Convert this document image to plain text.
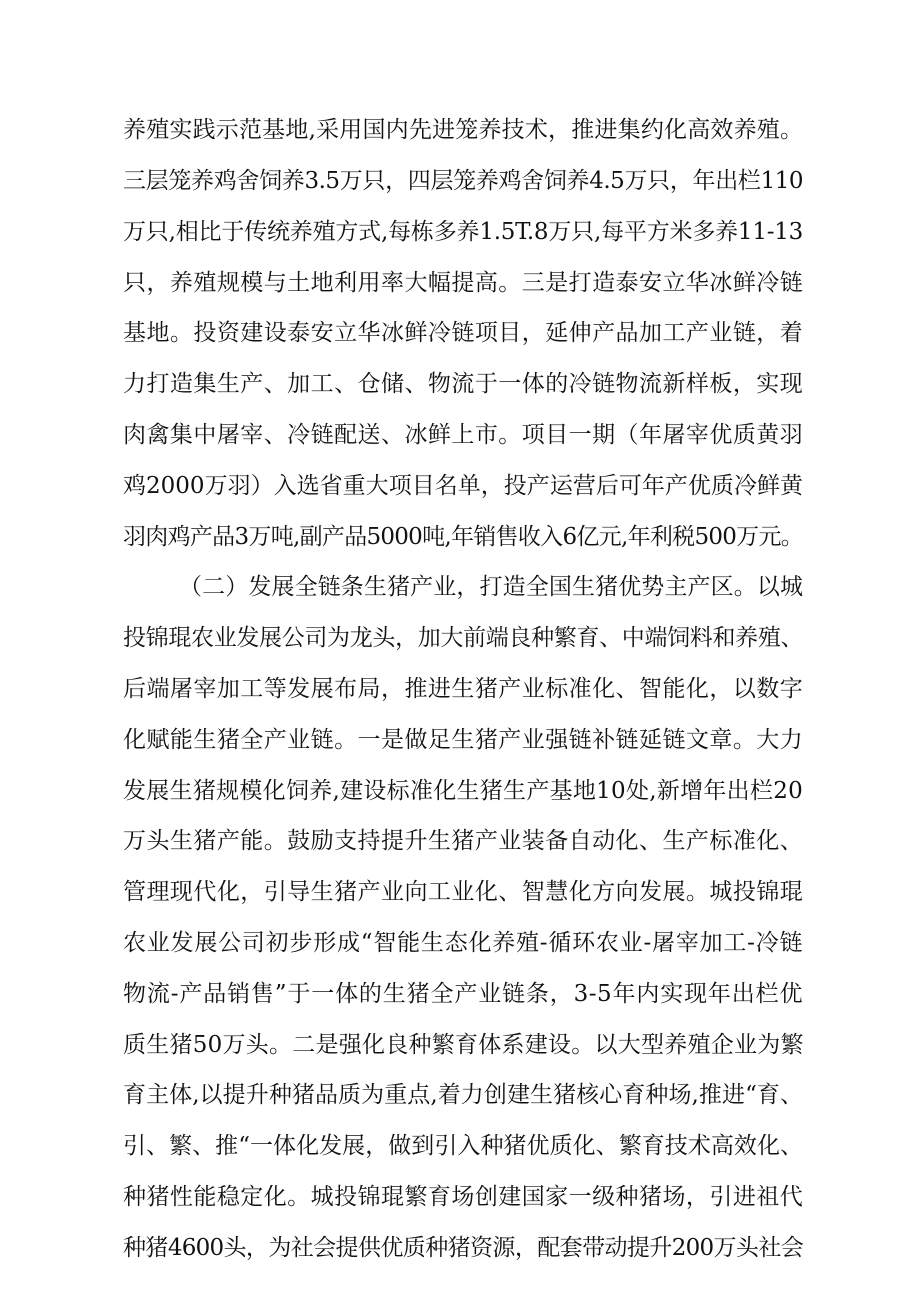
养殖实践示范基地,采用国内先进笼养技术，推进集约化高效养殖。
三层笼养鸡舍饲养3.5万只，四层笼养鸡舍饲养4.5万只，年出栏110
万只,相比于传统养殖方式,每栋多养1.5T.8万只,每平方米多养11-13
只，养殖规模与土地利用率大幅提高。三是打造泰安立华冰鲜冷链
基地。投资建设泰安立华冰鲜冷链项目，延伸产品加工产业链，着
力打造集生产、加工、仓储、物流于一体的冷链物流新样板，实现
肉禽集中屠宰、冷链配送、冰鲜上市。项目一期（年屠宰优质黄羽
鸡2000万羽）入选省重大项目名单，投产运营后可年产优质冷鲜黄
羽肉鸡产品3万吨,副产品5000吨,年销售收入6亿元,年利税500万元。
（二）发展全链条生猪产业，打造全国生猪优势主产区。以城
投锦琨农业发展公司为龙头，加大前端良种繁育、中端饲料和养殖、
后端屠宰加工等发展布局，推进生猪产业标准化、智能化，以数字
化赋能生猪全产业链。一是做足生猪产业强链补链延链文章。大力
发展生猪规模化饲养,建设标准化生猪生产基地10处,新增年出栏20
万头生猪产能。鼓励支持提升生猪产业装备自动化、生产标准化、
管理现代化，引导生猪产业向工业化、智慧化方向发展。城投锦琨
农业发展公司初步形成“智能生态化养殖-循环农业-屠宰加工-冷链
物流-产品销售”于一体的生猪全产业链条，3-5年内实现年出栏优
质生猪50万头。二是强化良种繁育体系建设。以大型养殖企业为繁
育主体,以提升种猪品质为重点,着力创建生猪核心育种场,推进“育、
引、繁、推“一体化发展，做到引入种猪优质化、繁育技术高效化、
种猪性能稳定化。城投锦琨繁育场创建国家一级种猪场，引进祖代
种猪4600头，为社会提供优质种猪资源，配套带动提升200万头社会
